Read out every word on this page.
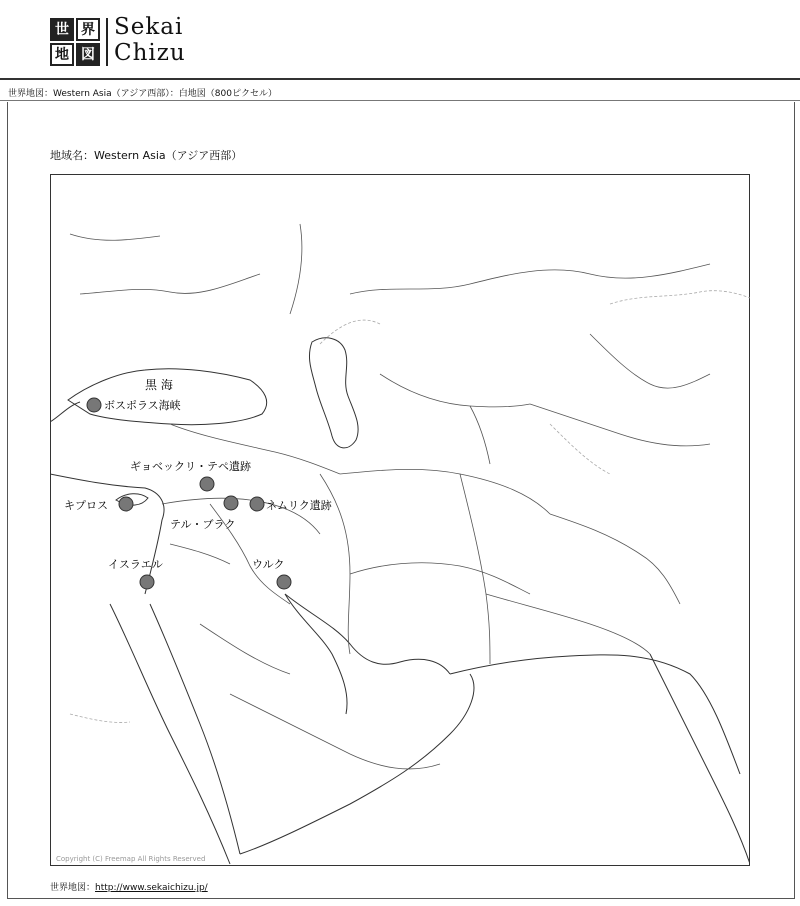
世 界
地 図
Sekai
Chizu
世界地図：Western Asia（アジア西部）：白地図（800ピクセル）
地域名：Western Asia（アジア西部）
黒 海
ボスポラス海峡
ギョベックリ・テペ遺跡
キプロス
テル・ブラク
ネムリク遺跡
イスラエル	ウルク
Copyright (C) Freemap All Rights Reserved
世界地図：http://www.sekaichizu.jp/
